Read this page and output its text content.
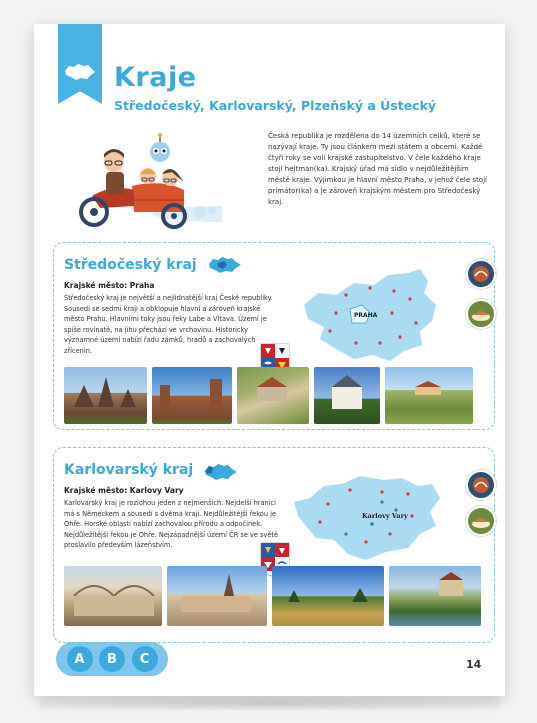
Kraje
Středočeský, Karlovarský, Plzeňský a Ústecký
Česká republika je rozdělena do 14 územních celků, které se nazývají kraje. Ty jsou článkem mezi státem a obcemi. Každé čtyři roky se volí krajské zastupitelstvo. V čele každého kraje stojí hejtman(ka). Krajský úřad má sídlo v nejdůležitějším městě kraje. Výjimkou je hlavní město Praha, v jehož čele stojí primátor(ka) a je zároveň krajským městem pro Středočeský kraj.
Středočeský kraj
Krajské město: Praha
Středočeský kraj je největší a nejlidnatější kraj České republiky. Sousedí se sedmi kraji a obklopuje hlavní a zároveň krajské město Prahu. Hlavními toky jsou řeky Labe a Vltava. Území je spíše rovinaté, na jihu přechází ve vrchovinu. Historicky významné území nabízí řadu zámků, hradů a zachovalých zřícenin.
PRAHA
Karlovarský kraj
Krajské město: Karlovy Vary
Karlovarský kraj je rozlohou jeden z nejmenších. Nejdelší hranici má s Německem a sousedí s dvěma kraji. Nejdůležitější řekou je Ohře. Horské oblasti nabízí zachovalou přírodu a odpočinek. Nejdůležitější řekou je Ohře. Nejzápadnější území ČR se ve světě proslavilo především lázeňstvím.
Karlovy Vary
A	B	C	14
